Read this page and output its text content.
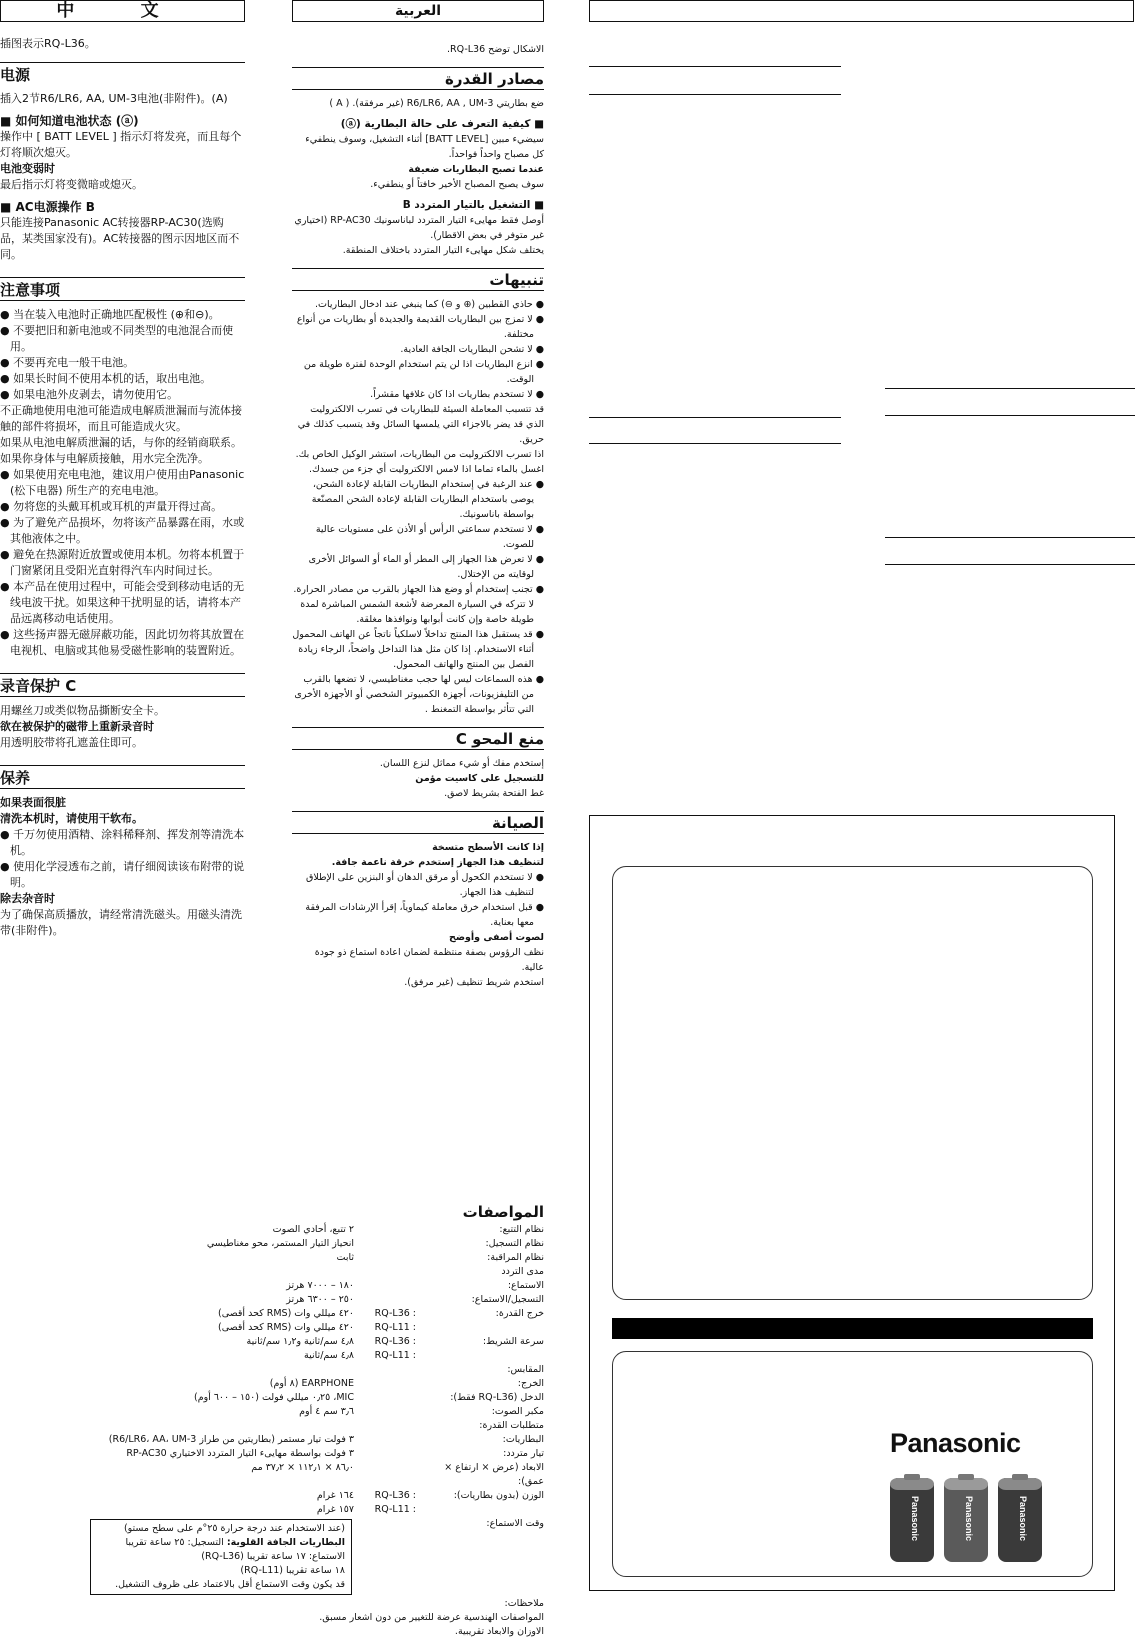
中 文

插图表示RQ-L36。

电源

插入2节R6/LR6, AA, UM-3电池(非附件)。(A)

■ 如何知道电池状态 (ⓐ)

操作中 [ BATT LEVEL ] 指示灯将发亮，而且每个灯将顺次熄灭。

电池变弱时

最后指示灯将变微暗或熄灭。

■ AC电源操作 B

只能连接Panasonic AC转接器RP-AC30(选购品，某类国家没有)。AC转接器的图示因地区而不同。

注意事项
● 当在装入电池时正确地匹配极性 (⊕和⊖)。
● 不要把旧和新电池或不同类型的电池混合而使用。
● 不要再充电一般干电池。
● 如果长时间不使用本机的话，取出电池。
● 如果电池外皮剥去，请勿使用它。

不正确地使用电池可能造成电解质泄漏而与流体接触的部件将损坏，而且可能造成火灾。

如果从电池电解质泄漏的话，与你的经销商联系。

如果你身体与电解质接触，用水完全洗净。

● 如果使用充电电池，建议用户使用由Panasonic (松下电器) 所生产的充电电池。
● 勿将您的头戴耳机或耳机的声量开得过高。
● 为了避免产品损坏，勿将该产品暴露在雨，水或其他液体之中。
● 避免在热源附近放置或使用本机。勿将本机置于门窗紧闭且受阳光直射得汽车内时间过长。
● 本产品在使用过程中，可能会受到移动电话的无线电波干扰。如果这种干扰明显的话，请将本产品远离移动电话使用。
● 这些扬声器无磁屏蔽功能，因此切勿将其放置在电视机、电脑或其他易受磁性影响的装置附近。
录音保护 C

用螺丝刀或类似物品撕断安全卡。

欲在被保护的磁带上重新录音时

用透明胶带将孔遮盖住即可。

保养

如果表面很脏

清洗本机时，请使用干软布。

● 千万勿使用酒精、涂料稀释剂、挥发剂等清洗本机。
● 使用化学浸透布之前，请仔细阅读该布附带的说明。

除去杂音时

为了确保高质播放，请经常清洗磁头。用磁头清洗带(非附件)。

العربية

الاشكال توضح RQ-L36.

مصادر القدرة

ضع بطاريتي R6/LR6, AA , UM-3 (غير مرفقة). ( A )

■ كيفية التعرف على حالة البطارية (ⓐ)

سيضيء مبين [BATT LEVEL] أثناء التشغيل، وسوف ينطفيء كل مصباح واحداً فواحداً.

عندما تصبح البطاريات ضعيفة

سوف يصبح المصباح الأخير خافتاً أو ينطفيء.

■ التشغيل بالتيار المتردد B

أوصل فقط مهايىء التيار المتردد لباناسونيك RP-AC30 (اختياري غير متوفر في بعض الاقطار).

يختلف شكل مهايىء التيار المتردد باختلاف المنطقة.

تنبيهات
● حاذي القطبين (⊕ و ⊖) كما ينبغي عند ادخال البطاريات.
● لا تمزج بين البطاريات القديمة والجديدة أو بطاريات من أنواع مختلفة.
● لا تشحن البطاريات الجافة العادية.
● انزع البطاريات اذا لن يتم استخدام الوحدة لفترة طويلة من الوقت.
● لا تستخدم بطاريات اذا كان غلافها مقشراً.

قد تتسبب المعاملة السيئة للبطاريات في تسرب الالكتروليت الذي قد يضر بالاجزاء التي يلمسها السائل وقد يتسبب كذلك في حريق.

اذا تسرب الالكتروليت من البطاريات، استشر الوكيل الخاص بك.

اغسل بالماء تماما اذا لامس الالكتروليت أي جزء من جسدك.

● عند الرغبة في إستخدام البطاريات القابلة لإعادة الشحن، يوصى باستخدام البطاريات القابلة لإعادة الشحن المصنّعة بواسطة باناسونيك.
● لا تستخدم سماعتي الرأس أو الأذن على مستويات عالية للصوت.
● لا تعرض هذا الجهاز إلى المطر أو الماء أو السوائل الأخرى لوقايته من الإختلال.
● تجنب إستخدام أو وضع هذا الجهاز بالقرب من مصادر الحرارة. لا تتركه في السيارة المعرضة لأشعة الشمس المباشرة لمدة طويلة خاصة وإن كانت أبوابها ونوافذها مغلقة.
● قد يستقبل هذا المنتج تداخلاً لاسلكياً ناتجاً عن الهاتف المحمول أثناء الاستخدام. إذا كان مثل هذا التداخل واضحاً، الرجاء زيادة الفصل بين المنتج والهاتف المحمول.
● هذه السماعات ليس لها حجب مغناطيسي، لا تضعها بالقرب من التليفزيونات، أجهزة الكمبيوتر الشخصي أو الأجهزة الأخرى التي تتأثر بواسطة التمغنط .
منع المحو C

إستخدم مفك أو شيء مماثل لنزع اللسان.

للتسجيل على كاسيت مؤمن

غط الفتحة بشريط لاصق.

الصيانة

إذا كانت الأسطح متسخة

لتنظيف هذا الجهاز إستخدم خرقة ناعمة جافة.

● لا تستخدم الكحول أو مرقق الدهان أو البنزين على الإطلاق لتنظيف هذا الجهاز.
● قبل استخدام خرق معاملة كيماوياً، إقرأ الإرشادات المرفقة معها بعناية.

لصوت أصفى وأوضح

نظف الرؤوس بصفة منتظمة لضمان اعادة استماع ذو جودة عالية.

استخدم شريط تنظيف (غير مرفق).

المواصفات
نظام التتبع:
٢ تتبع، أحادي الصوت
نظام التسجيل:
انحياز التيار المستمر، محو مغناطيسي
نظام المراقبة:
ثابت
مدى التردد
الاستماع:
١٨٠ – ٧٠٠٠ هرتز
التسجيل/الاستماع:
٢٥٠ – ٦٣٠٠ هرتز
خرج القدرة:
RQ-L36 :
٤٢٠ ميللي وات (RMS كحد أقصى)
RQ-L11 :
٤٢٠ ميللي وات (RMS كحد أقصى)
سرعة الشريط:
RQ-L36 :
٤٫٨ سم/ثانية و١٫٢ سم/ثانية
RQ-L11 :
٤٫٨ سم/ثانية
المقابس:
الخرج:
EARPHONE (٨ أوم)
الدخل (RQ-L36 فقط):
MIC، ٠٫٢٥ ميللي فولت (١٥٠ – ٦٠٠ أوم)
مكبر الصوت:
٣٫٦ سم ٤ أوم
متطلبات القدرة:
البطاريات:
٣ فولت تيار مستمر (بطاريتين من طراز R6/LR6، AA، UM-3)
تيار متردد:
٣ فولت بواسطة مهايىء التيار المتردد الاختياري RP-AC30
الابعاد (عرض × ارتفاع × عمق):
٨٦٫٠ × ١١٢٫١ × ٣٧٫٢ مم
الوزن (بدون بطاريات):
RQ-L36 :
١٦٤ غرام
RQ-L11 :
١٥٧ غرام
وقت الاستماع:

(عند الاستخدام عند درجة حرارة ٢٥°م على سطح مستو)

البطاريات الجافة القلوية: التسجيل: ٢٥ ساعة تقريبا

الاستماع: ١٧ ساعة تقريبا (RQ-L36)

١٨ ساعة تقريبا (RQ-L11)

قد يكون وقت الاستماع أقل بالاعتماد على ظروف التشغيل.

ملاحظات:

المواصفات الهندسية عرضة للتغيير من دون اشعار مسبق.

الاوزان والابعاد تقريبية.

Panasonic
Panasonic	Panasonic	Panasonic
